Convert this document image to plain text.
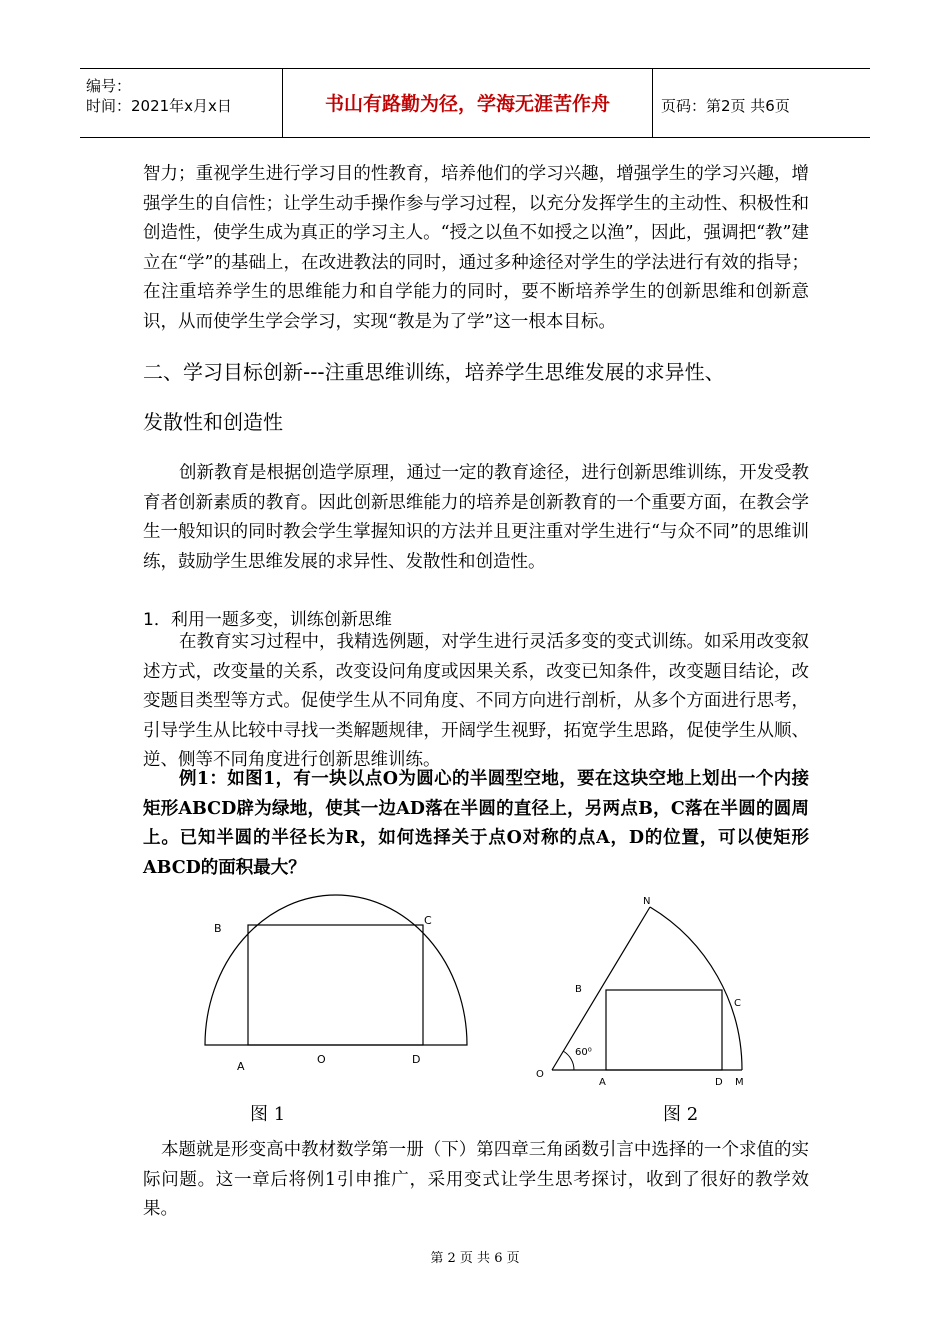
编号：
时间：2021年x月x日	书山有路勤为径，学海无涯苦作舟	页码：第2页 共6页

智力；重视学生进行学习目的性教育，培养他们的学习兴趣，增强学生的学习兴趣，增强学生的自信性；让学生动手操作参与学习过程，以充分发挥学生的主动性、积极性和创造性，使学生成为真正的学习主人。“授之以鱼不如授之以渔”，因此，强调把“教”建立在“学”的基础上，在改进教法的同时，通过多种途径对学生的学法进行有效的指导；在注重培养学生的思维能力和自学能力的同时，要不断培养学生的创新思维和创新意识，从而使学生学会学习，实现“教是为了学”这一根本目标。

二、学习目标创新---注重思维训练，培养学生思维发展的求异性、
发散性和创造性

创新教育是根据创造学原理，通过一定的教育途径，进行创新思维训练，开发受教育者创新素质的教育。因此创新思维能力的培养是创新教育的一个重要方面，在教会学生一般知识的同时教会学生掌握知识的方法并且更注重对学生进行“与众不同”的思维训练，鼓励学生思维发展的求异性、发散性和创造性。

1．利用一题多变，训练创新思维

在教育实习过程中，我精选例题，对学生进行灵活多变的变式训练。如采用改变叙述方式，改变量的关系，改变设问角度或因果关系，改变已知条件，改变题目结论，改变题目类型等方式。促使学生从不同角度、不同方向进行剖析，从多个方面进行思考，引导学生从比较中寻找一类解题规律，开阔学生视野，拓宽学生思路，促使学生从顺、逆、侧等不同角度进行创新思维训练。

例1：如图1，有一块以点O为圆心的半圆型空地，要在这块空地上划出一个内接矩形ABCD辟为绿地，使其一边AD落在半圆的直径上，另两点B，C落在半圆的圆周上。已知半圆的半径长为R，如何选择关于点O对称的点A，D的位置，可以使矩形ABCD的面积最大？

B
C
A
O	D
图 1
N
B
C
O
A	D M
60⁰
图 2

本题就是形变高中教材数学第一册（下）第四章三角函数引言中选择的一个求值的实际问题。这一章后将例1引申推广，采用变式让学生思考探讨，收到了很好的教学效果。

第 2 页 共 6 页
